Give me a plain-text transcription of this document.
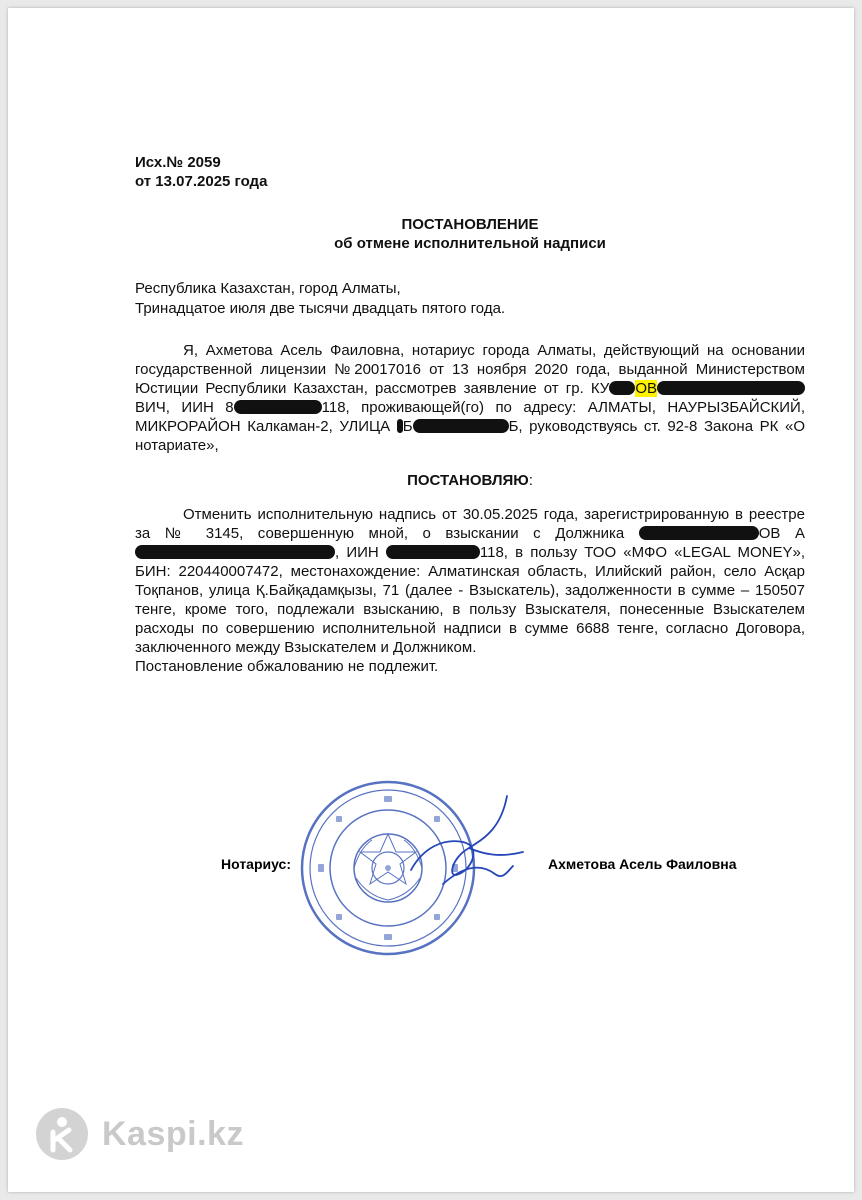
Исх.№ 2059
от 13.07.2025 года
ПОСТАНОВЛЕНИЕ
об отмене исполнительной надписи
Республика Казахстан, город Алматы,
Тринадцатое июля две тысячи двадцать пятого года.

Я, Ахметова Асель Фаиловна, нотариус города Алматы, действующий на основании государственной лицензии №20017016 от 13 ноября 2020 года, выданной Министерством Юстиции Республики Казахстан, рассмотрев заявление от гр. КУ ОВВИЧ, ИИН 8	118, проживающей(го) по адресу: АЛМАТЫ, НАУРЫЗБАЙСКИЙ, МИКРОРАЙОН Калкаман-2, УЛИЦА Б	Б, руководствуясь ст. 92-8 Закона РК «О нотариате»,

ПОСТАНОВЛЯЮ:

Отменить исполнительную надпись от 30.05.2025 года, зарегистрированную в реестре за № 3145, совершенную мной, о взыскании с Должника	ОВ А, ИИН	118, в пользу ТОО «МФО «LEGAL MONEY», БИН: 220440007472, местонахождение: Алматинская область, Илийский район, село Асқар Тоқпанов, улица Қ.Байқадамқызы, 71 (далее - Взыскатель), задолженности в сумме – 150507 тенге, кроме того, подлежали взысканию, в пользу Взыскателя, понесенные Взыскателем расходы по совершению исполнительной надписи в сумме 6688 тенге, согласно Договора, заключенного между Взыскателем и Должником.

Постановление обжалованию не подлежит.
Нотариус:	Ахметова Асель Фаиловна
Kaspi.kz
